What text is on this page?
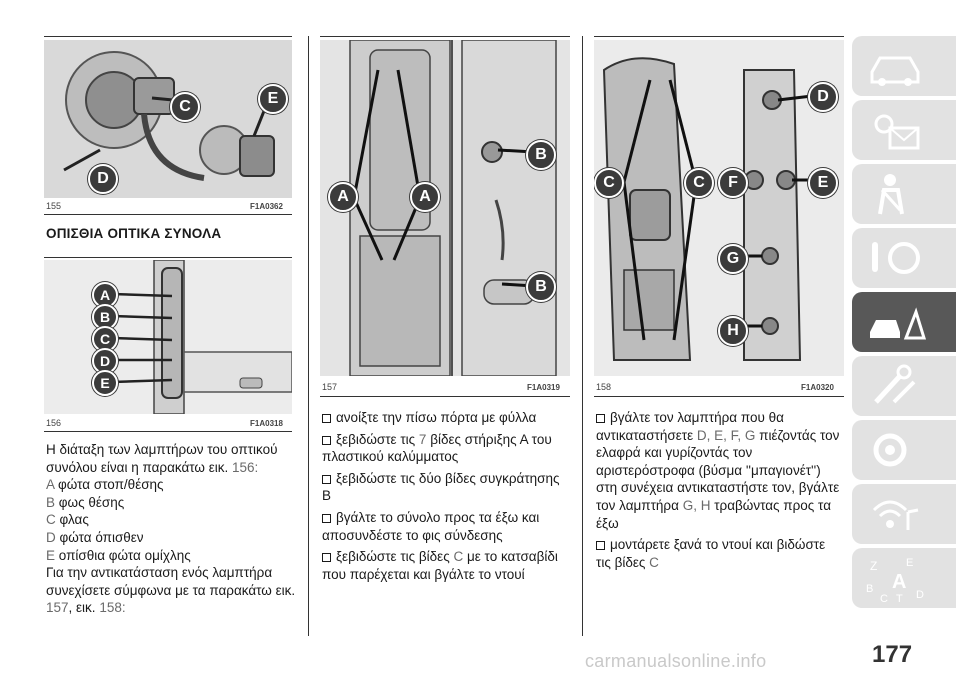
C	E
D
155	F1A0362
ΟΠΙΣΘΙΑ ΟΠΤΙΚΑ ΣΥΝΟΛΑ
A
B
C
D
E
156	F1A0318

Η διάταξη των λαμπτήρων του οπτικού συνόλου είναι η παρακάτω εικ. 156:

A φώτα στοπ/θέσης

B φως θέσης

C φλας

D φώτα όπισθεν

E οπίσθια φώτα ομίχλης

Για την αντικατάσταση ενός λαμπτήρα συνεχίσετε σύμφωνα με τα παρακάτω εικ. 157, εικ. 158:

A	A
B
B
157	F1A0319

ανοίξτε την πίσω πόρτα με φύλλα

ξεβιδώστε τις 7 βίδες στήριξης Α του πλαστικού καλύμματος

ξεβιδώστε τις δύο βίδες συγκράτησης Β

βγάλτε το σύνολο προς τα έξω και αποσυνδέστε το φις σύνδεσης

ξεβιδώστε τις βίδες C με το κατσαβίδι που παρέχεται και βγάλτε το ντουί

C	C	F	E
D
G
H
158	F1A0320

βγάλτε τον λαμπτήρα που θα αντικαταστήσετε D, E, F, G πιέζοντάς τον ελαφρά και γυρίζοντάς τον αριστερόστροφα (βύσμα ''μπαγιονέτ'') στη συνέχεια αντικαταστήστε τον, βγάλτε τον λαμπτήρα G, H τραβώντας προς τα έξω

μοντάρετε ξανά το ντουί και βιδώστε τις βίδες C	Z	E
B A
C T D
177
carmanualsonline.info
